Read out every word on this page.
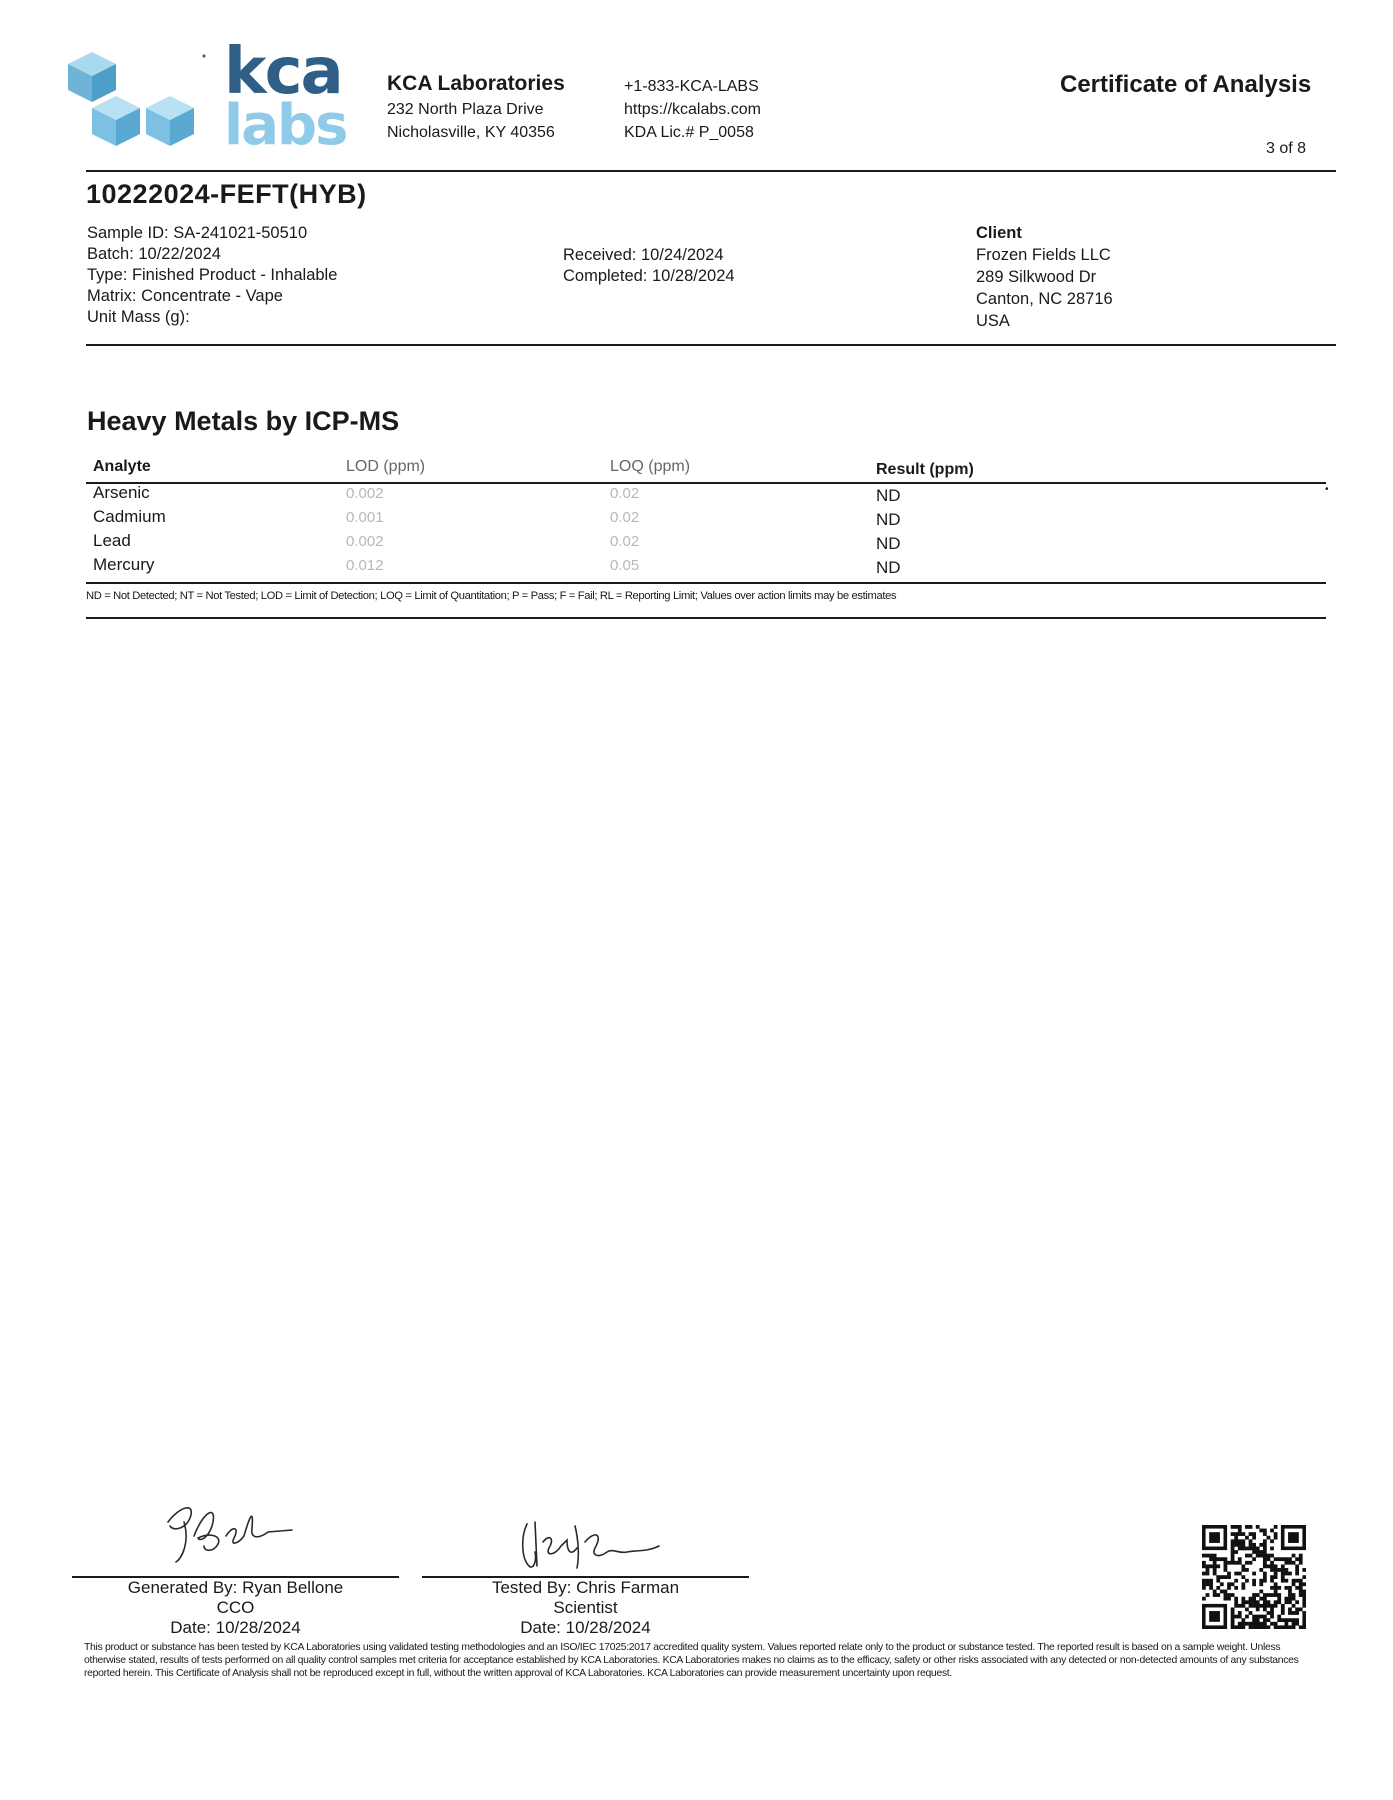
kca
labs
KCA Laboratories
232 North Plaza Drive
Nicholasville, KY 40356
+1-833-KCA-LABS
https://kcalabs.com
KDA Lic.# P_0058
Certificate of Analysis
3 of 8
10222024-FEFT(HYB)
Sample ID: SA-241021-50510
Batch: 10/22/2024
Type: Finished Product - Inhalable
Matrix: Concentrate - Vape
Unit Mass (g):
Received: 10/24/2024
Completed: 10/28/2024
Client
Frozen Fields LLC
289 Silkwood Dr
Canton, NC 28716
USA
Heavy Metals by ICP-MS
Analyte	LOD (ppm)	LOQ (ppm)	Result (ppm)
•
Arsenic	0.002	0.02	ND
Cadmium	0.001	0.02	ND
Lead	0.002	0.02	ND
Mercury	0.012	0.05	ND
ND = Not Detected; NT = Not Tested; LOD = Limit of Detection; LOQ = Limit of Quantitation; P = Pass; F = Fail; RL = Reporting Limit; Values over action limits may be estimates
Generated By: Ryan Bellone
CCO
Date: 10/28/2024
Tested By: Chris Farman
Scientist
Date: 10/28/2024
This product or substance has been tested by KCA Laboratories using validated testing methodologies and an ISO/IEC 17025:2017 accredited quality system. Values reported relate only to the product or substance tested. The reported result is based on a sample weight. Unless otherwise stated, results of tests performed on all quality control samples met criteria for acceptance established by KCA Laboratories. KCA Laboratories makes no claims as to the efficacy, safety or other risks associated with any detected or non-detected amounts of any substances reported herein. This Certificate of Analysis shall not be reproduced except in full, without the written approval of KCA Laboratories. KCA Laboratories can provide measurement uncertainty upon request.
